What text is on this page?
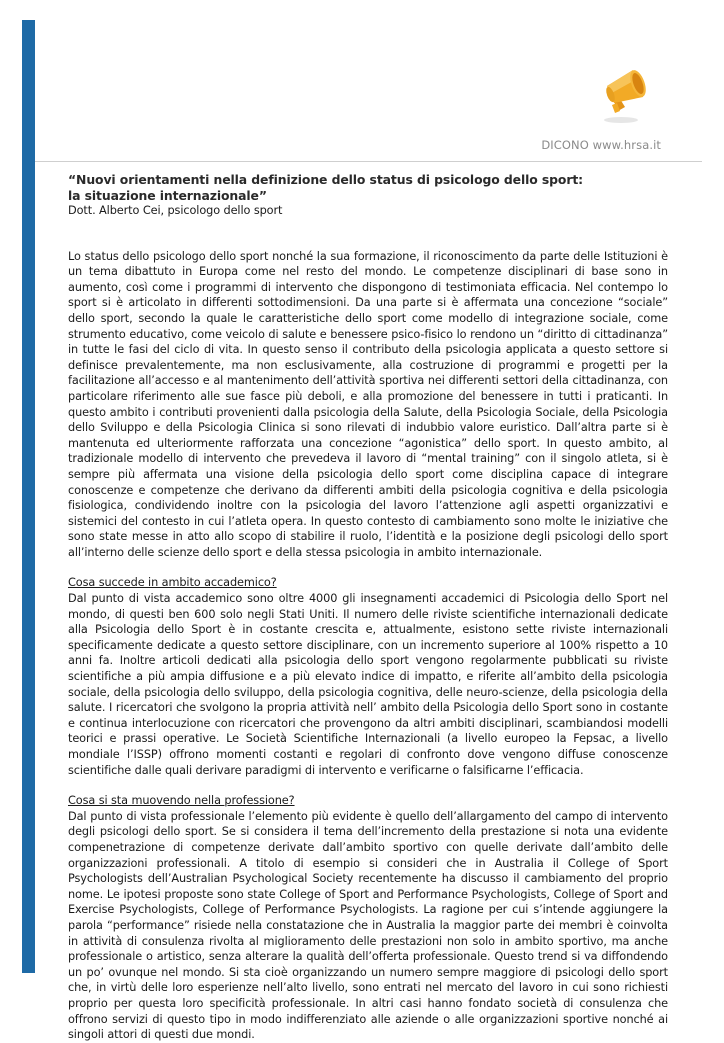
DICONO www.hrsa.it
“Nuovi orientamenti nella definizione dello status di psicologo dello sport:
la situazione internazionale”

Dott. Alberto Cei, psicologo dello sport

Lo status dello psicologo dello sport nonché la sua formazione, il riconoscimento da parte delle Istituzioni è un tema dibattuto in Europa come nel resto del mondo. Le competenze disciplinari di base sono in aumento, così come i programmi di intervento che dispongono di testimoniata efficacia. Nel contempo lo sport si è articolato in differenti sottodimensioni. Da una parte si è affermata una concezione “sociale” dello sport, secondo la quale le caratteristiche dello sport come modello di integrazione sociale, come strumento educativo, come veicolo di salute e benessere psico-fisico lo rendono un “diritto di cittadinanza” in tutte le fasi del ciclo di vita. In questo senso il contributo della psicologia applicata a questo settore si definisce prevalentemente, ma non esclusivamente, alla costruzione di programmi e progetti per la facilitazione all’accesso e al mantenimento dell’attività sportiva nei differenti settori della cittadinanza, con particolare riferimento alle sue fasce più deboli, e alla promozione del benessere in tutti i praticanti. In questo ambito i contributi provenienti dalla psicologia della Salute, della Psicologia Sociale, della Psicologia dello Sviluppo e della Psicologia Clinica si sono rilevati di indubbio valore euristico. Dall’altra parte si è mantenuta ed ulteriormente rafforzata una concezione “agonistica” dello sport. In questo ambito, al tradizionale modello di intervento che prevedeva il lavoro di “mental training” con il singolo atleta, si è sempre più affermata una visione della psicologia dello sport come disciplina capace di integrare conoscenze e competenze che derivano da differenti ambiti della psicologia cognitiva e della psicologia fisiologica, condividendo inoltre con la psicologia del lavoro l’attenzione agli aspetti organizzativi e sistemici del contesto in cui l’atleta opera. In questo contesto di cambiamento sono molte le iniziative che sono state messe in atto allo scopo di stabilire il ruolo, l’identità e la posizione degli psicologi dello sport all’interno delle scienze dello sport e della stessa psicologia in ambito internazionale.

Cosa succede in ambito accademico?

Dal punto di vista accademico sono oltre 4000 gli insegnamenti accademici di Psicologia dello Sport nel mondo, di questi ben 600 solo negli Stati Uniti. Il numero delle riviste scientifiche internazionali dedicate alla Psicologia dello Sport è in costante crescita e, attualmente, esistono sette riviste internazionali specificamente dedicate a questo settore disciplinare, con un incremento superiore al 100% rispetto a 10 anni fa. Inoltre articoli dedicati alla psicologia dello sport vengono regolarmente pubblicati su riviste scientifiche a più ampia diffusione e a più elevato indice di impatto, e riferite all’ambito della psicologia sociale, della psicologia dello sviluppo, della psicologia cognitiva, delle neuro-scienze, della psicologia della salute. I ricercatori che svolgono la propria attività nell’ ambito della Psicologia dello Sport sono in costante e continua interlocuzione con ricercatori che provengono da altri ambiti disciplinari, scambiandosi modelli teorici e prassi operative. Le Società Scientifiche Internazionali (a livello europeo la Fepsac, a livello mondiale l’ISSP) offrono momenti costanti e regolari di confronto dove vengono diffuse conoscenze scientifiche dalle quali derivare paradigmi di intervento e verificarne o falsificarne l’efficacia.

Cosa si sta muovendo nella professione?

Dal punto di vista professionale l’elemento più evidente è quello dell’allargamento del campo di intervento degli psicologi dello sport. Se si considera il tema dell’incremento della prestazione si nota una evidente compenetrazione di competenze derivate dall’ambito sportivo con quelle derivate dall’ambito delle organizzazioni professionali. A titolo di esempio si consideri che in Australia il College of Sport Psychologists dell’Australian Psychological Society recentemente ha discusso il cambiamento del proprio nome. Le ipotesi proposte sono state College of Sport and Performance Psychologists, College of Sport and Exercise Psychologists, College of Performance Psychologists. La ragione per cui s’intende aggiungere la parola “performance” risiede nella constatazione che in Australia la maggior parte dei membri è coinvolta in attività di consulenza rivolta al miglioramento delle prestazioni non solo in ambito sportivo, ma anche professionale o artistico, senza alterare la qualità dell’offerta professionale. Questo trend si va diffondendo un po’ ovunque nel mondo. Si sta cioè organizzando un numero sempre maggiore di psicologi dello sport che, in virtù delle loro esperienze nell’alto livello, sono entrati nel mercato del lavoro in cui sono richiesti proprio per questa loro specificità professionale. In altri casi hanno fondato società di consulenza che offrono servizi di questo tipo in modo indifferenziato alle aziende o alle organizzazioni sportive nonché ai singoli attori di questi due mondi.
